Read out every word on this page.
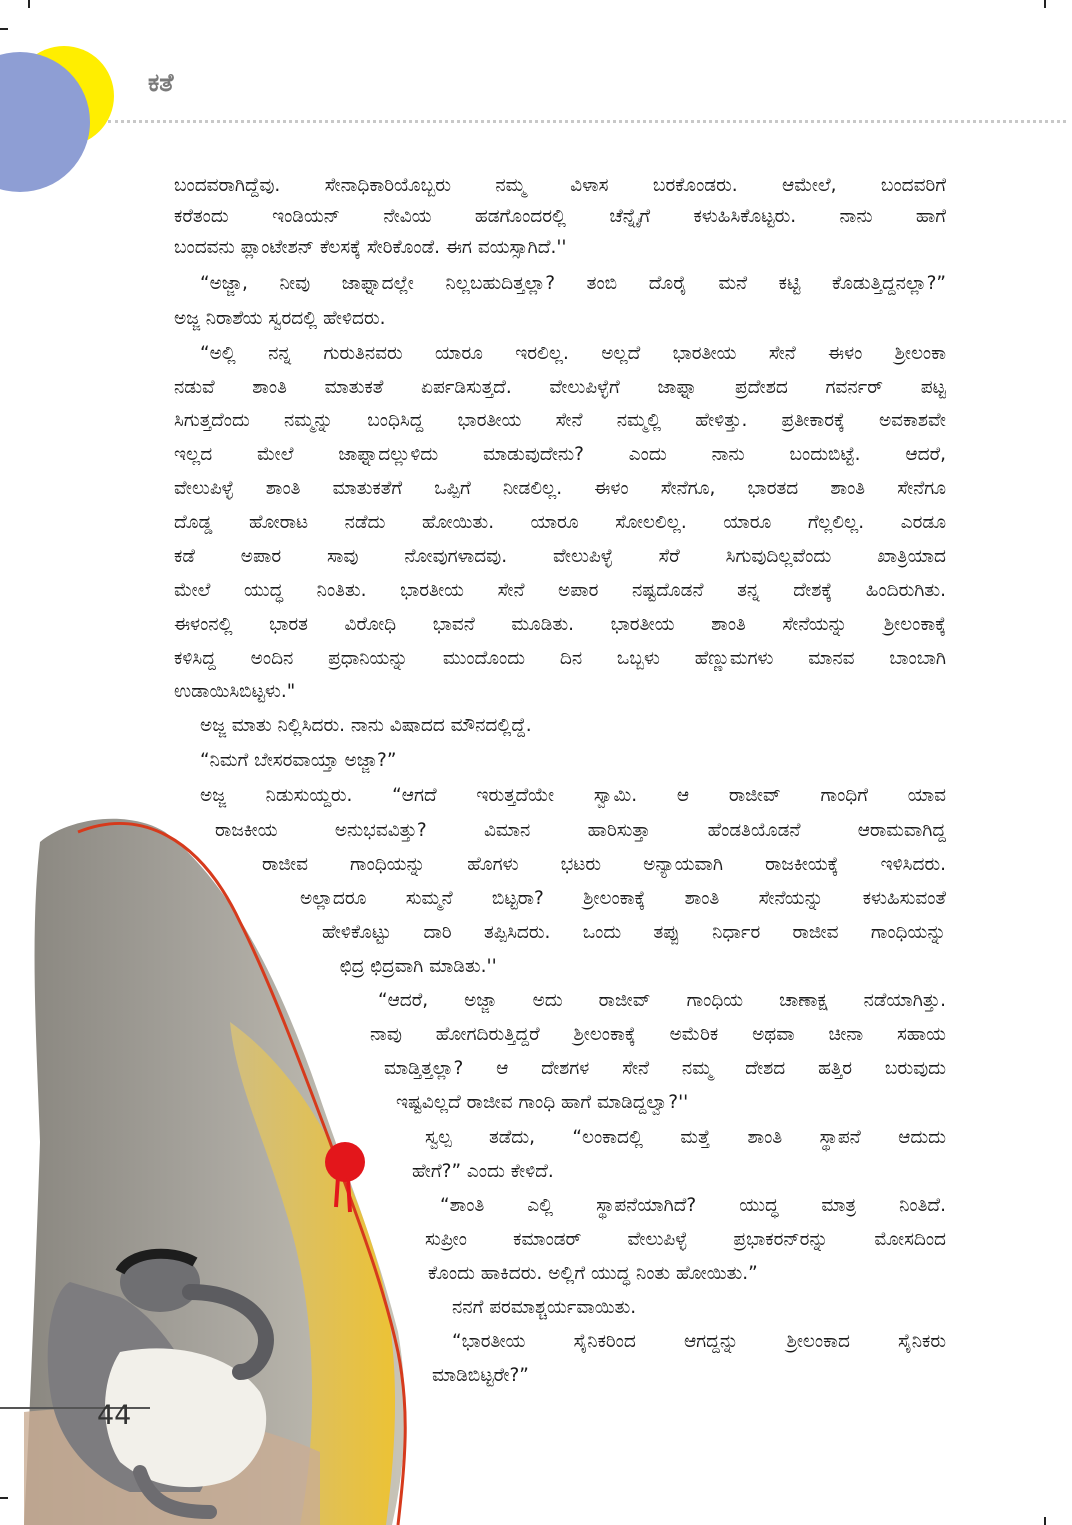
ಕತೆ
44

ಬಂದವರಾಗಿದ್ದೆವು. ಸೇನಾಧಿಕಾರಿಯೊಬ್ಬರು ನಮ್ಮ ವಿಳಾಸ ಬರಕೊಂಡರು. ಆಮೇಲೆ, ಬಂದವರಿಗೆ

ಕರೆತಂದು ಇಂಡಿಯನ್ ನೇವಿಯ ಹಡಗೊಂದರಲ್ಲಿ ಚೆನ್ನೈಗೆ ಕಳುಹಿಸಿಕೊಟ್ಟರು. ನಾನು ಹಾಗೆ

ಬಂದವನು ಪ್ಲಾಂಟೇಶನ್ ಕೆಲಸಕ್ಕೆ ಸೇರಿಕೊಂಡೆ. ಈಗ ವಯಸ್ಸಾಗಿದೆ.''

“ಅಜ್ಜಾ, ನೀವು ಜಾಫ್ನಾದಲ್ಲೇ ನಿಲ್ಲಬಹುದಿತ್ತಲ್ಲಾ? ತಂಬಿ ದೊರೈ ಮನೆ ಕಟ್ಟಿ ಕೊಡುತ್ತಿದ್ದನಲ್ಲಾ?”

ಅಜ್ಜ ನಿರಾಶೆಯ ಸ್ವರದಲ್ಲಿ ಹೇಳಿದರು.

“ಅಲ್ಲಿ ನನ್ನ ಗುರುತಿನವರು ಯಾರೂ ಇರಲಿಲ್ಲ. ಅಲ್ಲದೆ ಭಾರತೀಯ ಸೇನೆ ಈಳಂ ಶ್ರೀಲಂಕಾ

ನಡುವೆ ಶಾಂತಿ ಮಾತುಕತೆ ಏರ್ಪಡಿಸುತ್ತದೆ. ವೇಲುಪಿಳ್ಳೆಗೆ ಜಾಫ್ನಾ ಪ್ರದೇಶದ ಗವರ್ನರ್ ಪಟ್ಟ

ಸಿಗುತ್ತದೆಂದು ನಮ್ಮನ್ನು ಬಂಧಿಸಿದ್ದ ಭಾರತೀಯ ಸೇನೆ ನಮ್ಮಲ್ಲಿ ಹೇಳಿತ್ತು. ಪ್ರತೀಕಾರಕ್ಕೆ ಅವಕಾಶವೇ

ಇಲ್ಲದ ಮೇಲೆ ಜಾಫ್ನಾದಲ್ಲುಳಿದು ಮಾಡುವುದೇನು? ಎಂದು ನಾನು ಬಂದುಬಿಟ್ಟೆ. ಆದರೆ,

ವೇಲುಪಿಳ್ಳೆ ಶಾಂತಿ ಮಾತುಕತೆಗೆ ಒಪ್ಪಿಗೆ ನೀಡಲಿಲ್ಲ. ಈಳಂ ಸೇನೆಗೂ, ಭಾರತದ ಶಾಂತಿ ಸೇನೆಗೂ

ದೊಡ್ಡ ಹೋರಾಟ ನಡೆದು ಹೋಯಿತು. ಯಾರೂ ಸೋಲಲಿಲ್ಲ. ಯಾರೂ ಗೆಲ್ಲಲಿಲ್ಲ. ಎರಡೂ

ಕಡೆ ಅಪಾರ ಸಾವು ನೋವುಗಳಾದವು. ವೇಲುಪಿಳ್ಳೆ ಸೆರೆ ಸಿಗುವುದಿಲ್ಲವೆಂದು ಖಾತ್ರಿಯಾದ

ಮೇಲೆ ಯುದ್ಧ ನಿಂತಿತು. ಭಾರತೀಯ ಸೇನೆ ಅಪಾರ ನಷ್ಟದೊಡನೆ ತನ್ನ ದೇಶಕ್ಕೆ ಹಿಂದಿರುಗಿತು.

ಈಳಂನಲ್ಲಿ ಭಾರತ ವಿರೋಧಿ ಭಾವನೆ ಮೂಡಿತು. ಭಾರತೀಯ ಶಾಂತಿ ಸೇನೆಯನ್ನು ಶ್ರೀಲಂಕಾಕ್ಕೆ

ಕಳಿಸಿದ್ದ ಅಂದಿನ ಪ್ರಧಾನಿಯನ್ನು ಮುಂದೊಂದು ದಿನ ಒಬ್ಬಳು ಹೆಣ್ಣುಮಗಳು ಮಾನವ ಬಾಂಬಾಗಿ

ಉಡಾಯಿಸಿಬಿಟ್ಟಳು."

ಅಜ್ಜ ಮಾತು ನಿಲ್ಲಿಸಿದರು. ನಾನು ವಿಷಾದದ ಮೌನದಲ್ಲಿದ್ದೆ.

“ನಿಮಗೆ ಬೇಸರವಾಯ್ತಾ ಅಜ್ಜಾ?”

ಅಜ್ಜ ನಿಡುಸುಯ್ದರು. “ಆಗದೆ ಇರುತ್ತದೆಯೇ ಸ್ವಾಮಿ. ಆ ರಾಜೀವ್ ಗಾಂಧಿಗೆ ಯಾವ

ರಾಜಕೀಯ ಅನುಭವವಿತ್ತು? ವಿಮಾನ ಹಾರಿಸುತ್ತಾ ಹೆಂಡತಿಯೊಡನೆ ಆರಾಮವಾಗಿದ್ದ

ರಾಜೀವ ಗಾಂಧಿಯನ್ನು ಹೊಗಳು ಭಟರು ಅನ್ಯಾಯವಾಗಿ ರಾಜಕೀಯಕ್ಕೆ ಇಳಿಸಿದರು.

ಅಲ್ಲಾದರೂ ಸುಮ್ಮನೆ ಬಿಟ್ಟರಾ? ಶ್ರೀಲಂಕಾಕ್ಕೆ ಶಾಂತಿ ಸೇನೆಯನ್ನು ಕಳುಹಿಸುವಂತೆ

ಹೇಳಿಕೊಟ್ಟು ದಾರಿ ತಪ್ಪಿಸಿದರು. ಒಂದು ತಪ್ಪು ನಿರ್ಧಾರ ರಾಜೀವ ಗಾಂಧಿಯನ್ನು

ಛಿದ್ರ ಛಿದ್ರವಾಗಿ ಮಾಡಿತು.''

“ಆದರೆ, ಅಜ್ಜಾ ಅದು ರಾಜೀವ್ ಗಾಂಧಿಯ ಚಾಣಾಕ್ಷ ನಡೆಯಾಗಿತ್ತು.

ನಾವು ಹೋಗದಿರುತ್ತಿದ್ದರೆ ಶ್ರೀಲಂಕಾಕ್ಕೆ ಅಮೆರಿಕ ಅಥವಾ ಚೀನಾ ಸಹಾಯ

ಮಾಡ್ತಿತ್ತಲ್ಲಾ? ಆ ದೇಶಗಳ ಸೇನೆ ನಮ್ಮ ದೇಶದ ಹತ್ತಿರ ಬರುವುದು

ಇಷ್ಟವಿಲ್ಲದೆ ರಾಜೀವ ಗಾಂಧಿ ಹಾಗೆ ಮಾಡಿದ್ದಲ್ವಾ?''

ಸ್ವಲ್ಪ ತಡೆದು, “ಲಂಕಾದಲ್ಲಿ ಮತ್ತೆ ಶಾಂತಿ ಸ್ಥಾಪನೆ ಆದುದು

ಹೇಗೆ?” ಎಂದು ಕೇಳಿದೆ.

“ಶಾಂತಿ ಎಲ್ಲಿ ಸ್ಥಾಪನೆಯಾಗಿದೆ? ಯುದ್ಧ ಮಾತ್ರ ನಿಂತಿದೆ.

ಸುಪ್ರೀಂ ಕಮಾಂಡರ್ ವೇಲುಪಿಳ್ಳೆ ಪ್ರಭಾಕರನ್‌ರನ್ನು ಮೋಸದಿಂದ

ಕೊಂದು ಹಾಕಿದರು. ಅಲ್ಲಿಗೆ ಯುದ್ಧ ನಿಂತು ಹೋಯಿತು.”

ನನಗೆ ಪರಮಾಶ್ಚರ್ಯವಾಯಿತು.

“ಭಾರತೀಯ ಸೈನಿಕರಿಂದ ಆಗದ್ದನ್ನು ಶ್ರೀಲಂಕಾದ ಸೈನಿಕರು

ಮಾಡಿಬಿಟ್ಟರೇ?”
